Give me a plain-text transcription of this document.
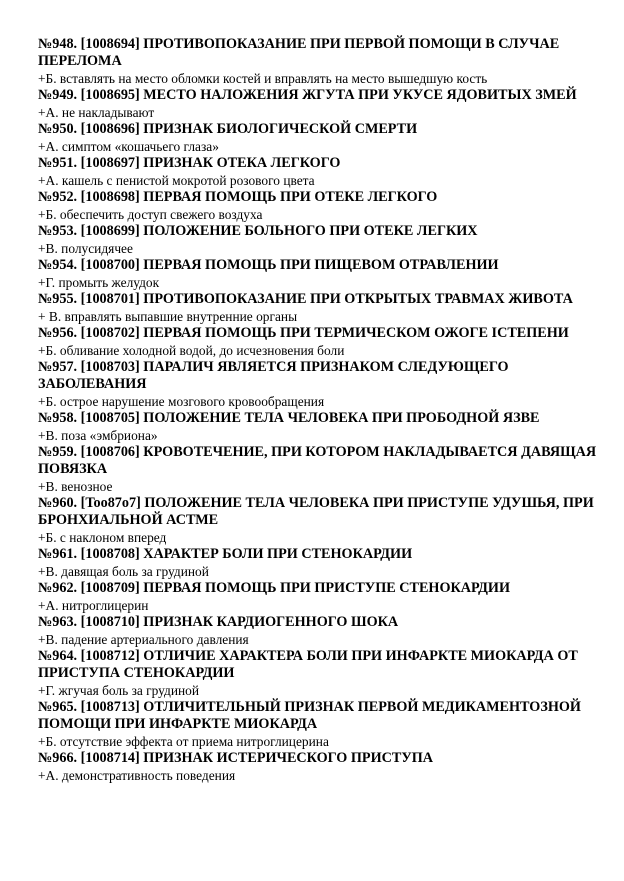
№948. [1008694] ПРОТИВОПОКАЗАНИЕ ПРИ ПЕРВОЙ ПОМОЩИ В СЛУЧАЕ ПЕРЕЛОМА

+Б. вставлять на место обломки костей и вправлять на место вышедшую кость

№949. [1008695] МЕСТО НАЛОЖЕНИЯ ЖГУТА ПРИ УКУСЕ ЯДОВИТЫХ ЗМЕЙ

+А. не накладывают

№950. [1008696] ПРИЗНАК БИОЛОГИЧЕСКОЙ СМЕРТИ

+А. симптом «кошачьего глаза»

№951. [1008697] ПРИЗНАК ОТЕКА ЛЕГКОГО

+А. кашель с пенистой мокротой розового цвета

№952. [1008698] ПЕРВАЯ ПОМОЩЬ ПРИ ОТЕКЕ ЛЕГКОГО

+Б. обеспечить доступ свежего воздуха

№953. [1008699] ПОЛОЖЕНИЕ БОЛЬНОГО ПРИ ОТЕКЕ ЛЕГКИХ

+В. полусидячее

№954. [1008700] ПЕРВАЯ ПОМОЩЬ ПРИ ПИЩЕВОМ ОТРАВЛЕНИИ

+Г. промыть желудок

№955. [1008701] ПРОТИВОПОКАЗАНИЕ ПРИ ОТКРЫТЫХ ТРАВМАХ ЖИВОТА

+ В. вправлять выпавшие внутренние органы

№956. [1008702] ПЕРВАЯ ПОМОЩЬ ПРИ ТЕРМИЧЕСКОМ ОЖОГЕ ІСТЕПЕНИ

+Б. обливание холодной водой, до исчезновения боли

№957. [1008703] ПАРАЛИЧ ЯВЛЯЕТСЯ ПРИЗНАКОМ СЛЕДУЮЩЕГО ЗАБОЛЕВАНИЯ

+Б. острое нарушение мозгового кровообращения

№958. [1008705] ПОЛОЖЕНИЕ ТЕЛА ЧЕЛОВЕКА ПРИ ПРОБОДНОЙ ЯЗВЕ

+В. поза «эмбриона»

№959. [1008706] КРОВОТЕЧЕНИЕ, ПРИ КОТОРОМ НАКЛАДЫВАЕТСЯ ДАВЯЩАЯ ПОВЯЗКА

+В. венозное

№960. [Too87o7] ПОЛОЖЕНИЕ ТЕЛА ЧЕЛОВЕКА ПРИ ПРИСТУПЕ УДУШЬЯ, ПРИ БРОНХИАЛЬНОЙ АСТМЕ

+Б. с наклоном вперед

№961. [1008708] ХАРАКТЕР БОЛИ ПРИ СТЕНОКАРДИИ

+В. давящая боль за грудиной

№962. [1008709] ПЕРВАЯ ПОМОЩЬ ПРИ ПРИСТУПЕ СТЕНОКАРДИИ

+А. нитроглицерин

№963. [1008710] ПРИЗНАК КАРДИОГЕННОГО ШОКА

+В. падение артериального давления

№964. [1008712] ОТЛИЧИЕ ХАРАКТЕРА БОЛИ ПРИ ИНФАРКТЕ МИОКАРДА ОТ ПРИСТУПА СТЕНОКАРДИИ

+Г. жгучая боль за грудиной

№965. [1008713] ОТЛИЧИТЕЛЬНЫЙ ПРИЗНАК ПЕРВОЙ МЕДИКАМЕНТОЗНОЙ ПОМОЩИ ПРИ ИНФАРКТЕ МИОКАРДА

+Б. отсутствие эффекта от приема нитроглицерина

№966. [1008714] ПРИЗНАК ИСТЕРИЧЕСКОГО ПРИСТУПА

+А. демонстративность поведения
